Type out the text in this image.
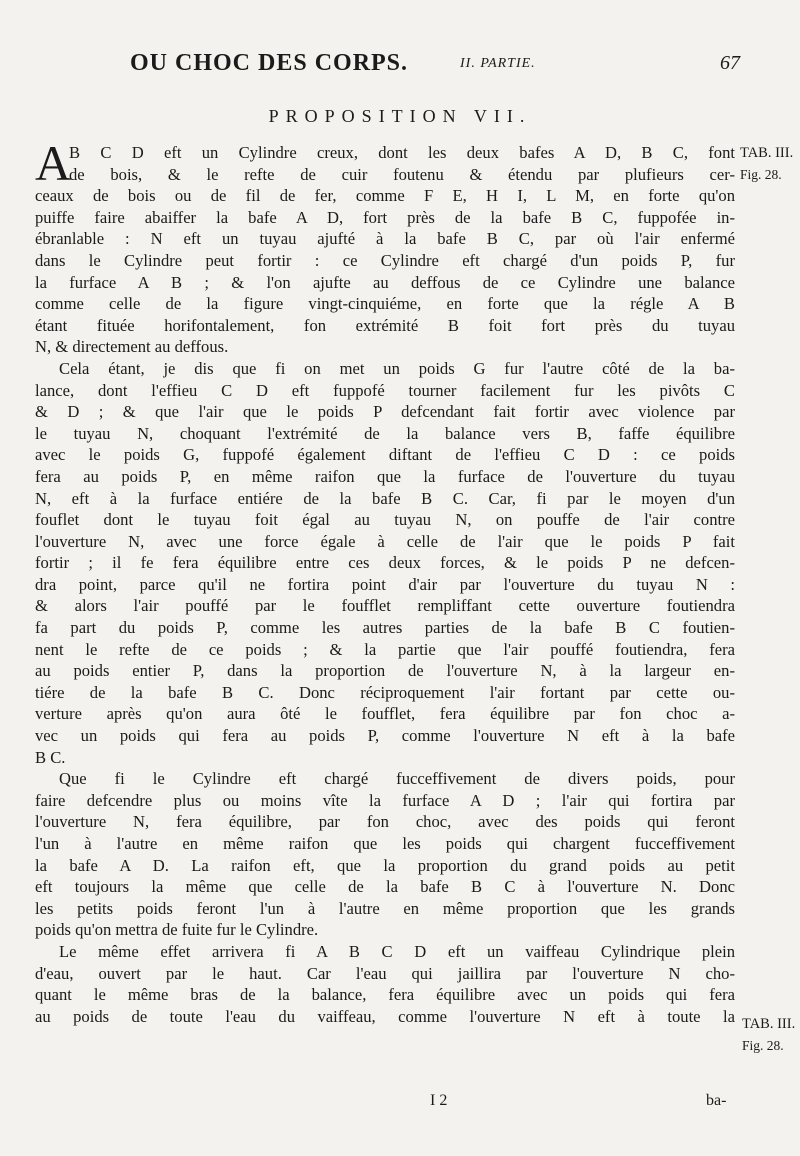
OU CHOC DES CORPS.	II. PARTIE.	67
PROPOSITION VII.
A	TAB. III.
Fig. 28.
B C D eft un Cylindre creux, dont les deux bafes A D, B C, font
de bois, & le refte de cuir foutenu & étendu par plufieurs cer-
ceaux de bois ou de fil de fer, comme F E, H I, L M, en forte qu'on
puiffe faire abaiffer la bafe A D, fort près de la bafe B C, fuppofée in-
ébranlable : N eft un tuyau ajufté à la bafe B C, par où l'air enfermé
dans le Cylindre peut fortir : ce Cylindre eft chargé d'un poids P, fur
la furface A B ; & l'on ajufte au deffous de ce Cylindre une balance
comme celle de la figure vingt-cinquiéme, en forte que la régle A B
étant fituée horifontalement, fon extrémité B foit fort près du tuyau
N, & directement au deffous.
Cela étant, je dis que fi on met un poids G fur l'autre côté de la ba-
lance, dont l'effieu C D eft fuppofé tourner facilement fur les pivôts C
& D ; & que l'air que le poids P defcendant fait fortir avec violence par
le tuyau N, choquant l'extrémité de la balance vers B, faffe équilibre
avec le poids G, fuppofé également diftant de l'effieu C D : ce poids
fera au poids P, en même raifon que la furface de l'ouverture du tuyau
N, eft à la furface entiére de la bafe B C. Car, fi par le moyen d'un
fouflet dont le tuyau foit égal au tuyau N, on pouffe de l'air contre
l'ouverture N, avec une force égale à celle de l'air que le poids P fait
fortir ; il fe fera équilibre entre ces deux forces, & le poids P ne defcen-
dra point, parce qu'il ne fortira point d'air par l'ouverture du tuyau N :
& alors l'air pouffé par le foufflet rempliffant cette ouverture foutiendra
fa part du poids P, comme les autres parties de la bafe B C foutien-
nent le refte de ce poids ; & la partie que l'air pouffé foutiendra, fera
au poids entier P, dans la proportion de l'ouverture N, à la largeur en-
tiére de la bafe B C. Donc réciproquement l'air fortant par cette ou-
verture après qu'on aura ôté le foufflet, fera équilibre par fon choc a-
vec un poids qui fera au poids P, comme l'ouverture N eft à la bafe
B C.
Que fi le Cylindre eft chargé fucceffivement de divers poids, pour
faire defcendre plus ou moins vîte la furface A D ; l'air qui fortira par
l'ouverture N, fera équilibre, par fon choc, avec des poids qui feront
l'un à l'autre en même raifon que les poids qui chargent fucceffivement
la bafe A D. La raifon eft, que la proportion du grand poids au petit
eft toujours la même que celle de la bafe B C à l'ouverture N. Donc
les petits poids feront l'un à l'autre en même proportion que les grands
poids qu'on mettra de fuite fur le Cylindre.
Le même effet arrivera fi A B C D eft un vaiffeau Cylindrique plein
d'eau, ouvert par le haut. Car l'eau qui jaillira par l'ouverture N cho-
quant le même bras de la balance, fera équilibre avec un poids qui fera
au poids de toute l'eau du vaiffeau, comme l'ouverture N eft à toute la TAB. III.
Fig. 28.
I 2	ba-
